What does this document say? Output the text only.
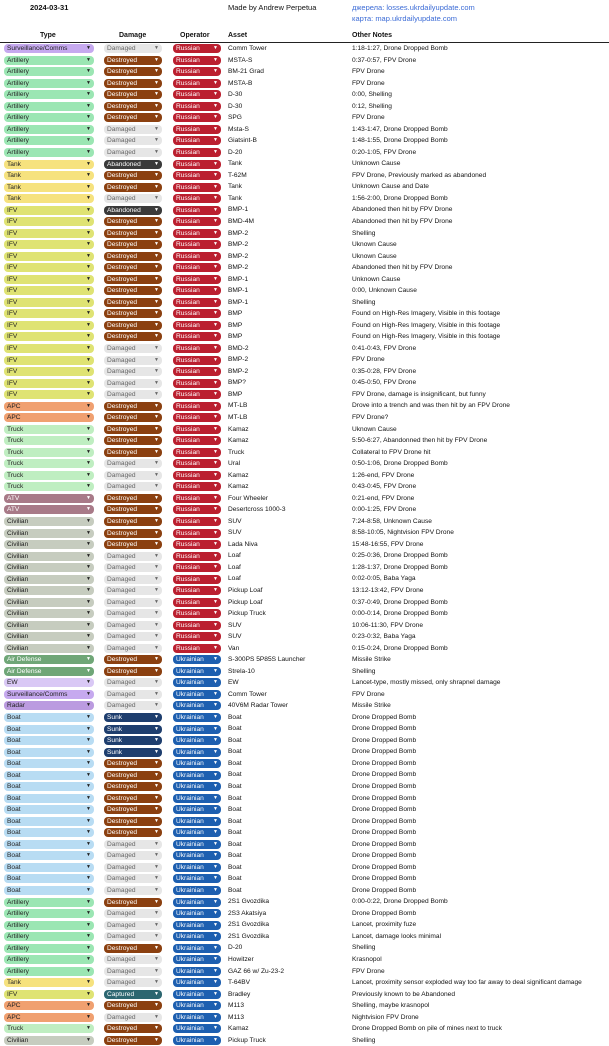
2024-03-31	Made by Andrew Perpetua	джерела: losses.ukrdailyupdate.com
карта: map.ukrdailyupdate.com
Type	Damage	Operator	Asset	Other Notes
Surveillance/Comms	▼	Damaged	▼	Russian	▼ Comm Tower	1:18-1:27, Drone Dropped Bomb
Artillery	▼	Destroyed	▼	Russian	▼ MSTA-S	0:37-0:57, FPV Drone
Artillery	▼	Destroyed	▼	Russian	▼ BM-21 Grad	FPV Drone
Artillery	▼	Destroyed	▼	Russian	▼ MSTA-B	FPV Drone
Artillery	▼	Destroyed	▼	Russian	▼ D-30	0:00, Shelling
Artillery	▼	Destroyed	▼	Russian	▼ D-30	0:12, Shelling
Artillery	▼	Destroyed	▼	Russian	▼ SPG	FPV Drone
Artillery	▼	Damaged	▼	Russian	▼ Msta-S	1:43-1:47, Drone Dropped Bomb
Artillery	▼	Damaged	▼	Russian	▼ Giatsint-B	1:48-1:55, Drone Dropped Bomb
Artillery	▼	Damaged	▼	Russian	▼ D-20	0:20-1:05, FPV Drone
Tank	▼	Abandoned	▼	Russian	▼ Tank	Unknown Cause
Tank	▼	Destroyed	▼	Russian	▼ T-62M	FPV Drone, Previously marked as abandoned
Tank	▼	Destroyed	▼	Russian	▼ Tank	Unknown Cause and Date
Tank	▼	Damaged	▼	Russian	▼ Tank	1:56-2:00, Drone Dropped Bomb
IFV	▼	Abandoned	▼	Russian	▼ BMP-1	Abandoned then hit by FPV Drone
IFV	▼	Destroyed	▼	Russian	▼ BMD-4M	Abandoned then hit by FPV Drone
IFV	▼	Destroyed	▼	Russian	▼ BMP-2	Shelling
IFV	▼	Destroyed	▼	Russian	▼ BMP-2	Uknown Cause
IFV	▼	Destroyed	▼	Russian	▼ BMP-2	Uknown Cause
IFV	▼	Destroyed	▼	Russian	▼ BMP-2	Abandoned then hit by FPV Drone
IFV	▼	Destroyed	▼	Russian	▼ BMP-1	Unknown Cause
IFV	▼	Destroyed	▼	Russian	▼ BMP-1	0:00, Unknown Cause
IFV	▼	Destroyed	▼	Russian	▼ BMP-1	Shelling
IFV	▼	Destroyed	▼	Russian	▼ BMP	Found on High-Res Imagery, Visible in this footage
IFV	▼	Destroyed	▼	Russian	▼ BMP	Found on High-Res Imagery, Visible in this footage
IFV	▼	Destroyed	▼	Russian	▼ BMP	Found on High-Res Imagery, Visible in this footage
IFV	▼	Damaged	▼	Russian	▼ BMD-2	0:41-0:43, FPV Drone
IFV	▼	Damaged	▼	Russian	▼ BMP-2	FPV Drone
IFV	▼	Damaged	▼	Russian	▼ BMP-2	0:35-0:28, FPV Drone
IFV	▼	Damaged	▼	Russian	▼ BMP?	0:45-0:50, FPV Drone
IFV	▼	Damaged	▼	Russian	▼ BMP	FPV Drone, damage is insignificant, but funny
APC	▼	Destroyed	▼	Russian	▼ MT-LB	Drove into a trench and was then hit by an FPV Drone
APC	▼	Destroyed	▼	Russian	▼ MT-LB	FPV Drone?
Truck	▼	Destroyed	▼	Russian	▼ Kamaz	Uknown Cause
Truck	▼	Destroyed	▼	Russian	▼ Kamaz	5:50-6:27, Abandonned then hit by FPV Drone
Truck	▼	Destroyed	▼	Russian	▼ Truck	Collateral to FPV Drone hit
Truck	▼	Damaged	▼	Russian	▼ Ural	0:50-1:06, Drone Dropped Bomb
Truck	▼	Damaged	▼	Russian	▼ Kamaz	1:26-end, FPV Drone
Truck	▼	Damaged	▼	Russian	▼ Kamaz	0:43-0:45, FPV Drone
ATV	▼	Destroyed	▼	Russian	▼ Four Wheeler	0:21-end, FPV Drone
ATV	▼	Destroyed	▼	Russian	▼ Desertcross 1000-3	0:00-1:25, FPV Drone
Civilian	▼	Destroyed	▼	Russian	▼ SUV	7:24-8:58, Unknown Cause
Civilian	▼	Destroyed	▼	Russian	▼ SUV	8:58-10:05, Nightvision FPV Drone
Civilian	▼	Destroyed	▼	Russian	▼ Lada Niva	15:48-16:55, FPV Drone
Civilian	▼	Damaged	▼	Russian	▼ Loaf	0:25-0:36, Drone Dropped Bomb
Civilian	▼	Damaged	▼	Russian	▼ Loaf	1:28-1:37, Drone Dropped Bomb
Civilian	▼	Damaged	▼	Russian	▼ Loaf	0:02-0:05, Baba Yaga
Civilian	▼	Damaged	▼	Russian	▼ Pickup Loaf	13:12-13:42, FPV Drone
Civilian	▼	Damaged	▼	Russian	▼ Pickup Loaf	0:37-0:49, Drone Dropped Bomb
Civilian	▼	Damaged	▼	Russian	▼ Pickup Truck	0:00-0:14, Drone Dropped Bomb
Civilian	▼	Damaged	▼	Russian	▼ SUV	10:06-11:30, FPV Drone
Civilian	▼	Damaged	▼	Russian	▼ SUV	0:23-0:32, Baba Yaga
Civilian	▼	Damaged	▼	Russian	▼ Van	0:15-0:24, Drone Dropped Bomb
Air Defense	▼	Destroyed	▼	Ukrainian ▼ S-300PS 5P85S Launcher	Missile Strike
Air Defense	▼	Destroyed	▼	Ukrainian ▼ Strela-10	Shelling
EW	▼	Damaged	▼	Ukrainian ▼ EW	Lancet-type, mostly missed, only shrapnel damage
Surveillance/Comms	▼	Damaged	▼	Ukrainian ▼ Comm Tower	FPV Drone
Radar	▼	Damaged	▼	Ukrainian ▼ 40V6M Radar Tower	Missile Strike
Boat	▼	Sunk	▼	Ukrainian ▼ Boat	Drone Dropped Bomb
Boat	▼	Sunk	▼	Ukrainian ▼ Boat	Drone Dropped Bomb
Boat	▼	Sunk	▼	Ukrainian ▼ Boat	Drone Dropped Bomb
Boat	▼	Sunk	▼	Ukrainian ▼ Boat	Drone Dropped Bomb
Boat	▼	Destroyed	▼	Ukrainian ▼ Boat	Drone Dropped Bomb
Boat	▼	Destroyed	▼	Ukrainian ▼ Boat	Drone Dropped Bomb
Boat	▼	Destroyed	▼	Ukrainian ▼ Boat	Drone Dropped Bomb
Boat	▼	Destroyed	▼	Ukrainian ▼ Boat	Drone Dropped Bomb
Boat	▼	Destroyed	▼	Ukrainian ▼ Boat	Drone Dropped Bomb
Boat	▼	Destroyed	▼	Ukrainian ▼ Boat	Drone Dropped Bomb
Boat	▼	Destroyed	▼	Ukrainian ▼ Boat	Drone Dropped Bomb
Boat	▼	Damaged	▼	Ukrainian ▼ Boat	Drone Dropped Bomb
Boat	▼	Damaged	▼	Ukrainian ▼ Boat	Drone Dropped Bomb
Boat	▼	Damaged	▼	Ukrainian ▼ Boat	Drone Dropped Bomb
Boat	▼	Damaged	▼	Ukrainian ▼ Boat	Drone Dropped Bomb
Boat	▼	Damaged	▼	Ukrainian ▼ Boat	Drone Dropped Bomb
Artillery	▼	Destroyed	▼	Ukrainian ▼ 2S1 Gvozdika	0:00-0:22, Drone Dropped Bomb
Artillery	▼	Damaged	▼	Ukrainian ▼ 2S3 Akatsiya	Drone Dropped Bomb
Artillery	▼	Damaged	▼	Ukrainian ▼ 2S1 Gvozdika	Lancet, proximity fuze
Artillery	▼	Damaged	▼	Ukrainian ▼ 2S1 Gvozdika	Lancet, damage looks minimal
Artillery	▼	Destroyed	▼	Ukrainian ▼ D-20	Shelling
Artillery	▼	Damaged	▼	Ukrainian ▼ Howitzer	Krasnopol
Artillery	▼	Damaged	▼	Ukrainian ▼ GAZ 66 w/ Zu-23-2	FPV Drone
Tank	▼	Damaged	▼	Ukrainian ▼ T-64BV	Lancet, proximity sensor exploded way too far away to deal significant damage
IFV	▼	Captured	▼	Ukrainian ▼ Bradley	Previously known to be Abandoned
APC	▼	Destroyed	▼	Ukrainian ▼ M113	Shelling, maybe krasnopol
APC	▼	Damaged	▼	Ukrainian ▼ M113	Nightvision FPV Drone
Truck	▼	Destroyed	▼	Ukrainian ▼ Kamaz	Drone Dropped Bomb on pile of mines next to truck
Civilian	▼	Destroyed	▼	Ukrainian ▼ Pickup Truck	Shelling
